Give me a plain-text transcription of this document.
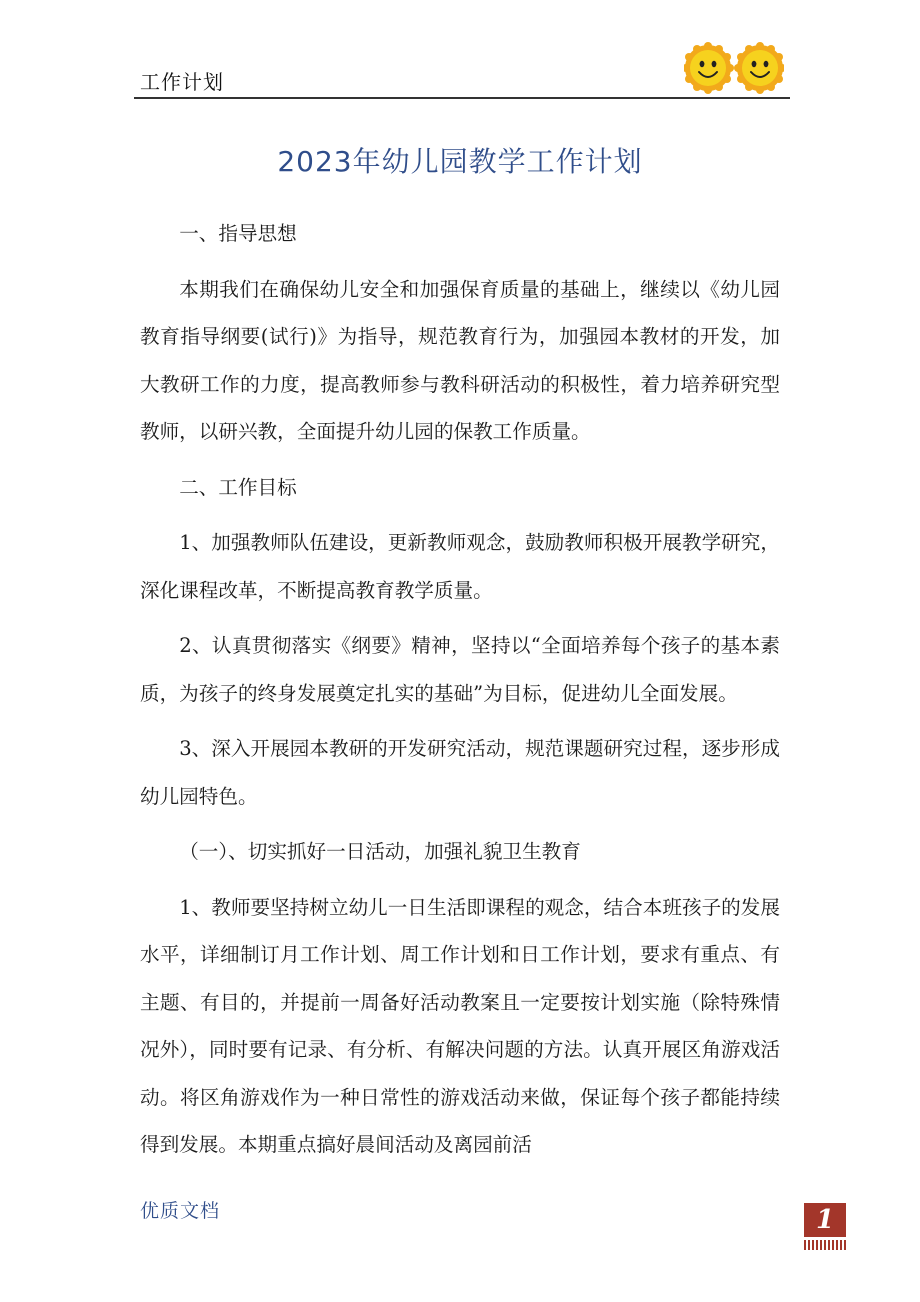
工作计划
2023年幼儿园教学工作计划

一、指导思想

本期我们在确保幼儿安全和加强保育质量的基础上，继续以《幼儿园教育指导纲要(试行)》为指导，规范教育行为，加强园本教材的开发，加大教研工作的力度，提高教师参与教科研活动的积极性，着力培养研究型教师，以研兴教，全面提升幼儿园的保教工作质量。

二、工作目标

1、加强教师队伍建设，更新教师观念，鼓励教师积极开展教学研究，深化课程改革，不断提高教育教学质量。

2、认真贯彻落实《纲要》精神，坚持以“全面培养每个孩子的基本素质，为孩子的终身发展奠定扎实的基础”为目标，促进幼儿全面发展。

3、深入开展园本教研的开发研究活动，规范课题研究过程，逐步形成幼儿园特色。

（一）、切实抓好一日活动，加强礼貌卫生教育

1、教师要坚持树立幼儿一日生活即课程的观念，结合本班孩子的发展水平，详细制订月工作计划、周工作计划和日工作计划，要求有重点、有主题、有目的，并提前一周备好活动教案且一定要按计划实施（除特殊情况外），同时要有记录、有分析、有解决问题的方法。认真开展区角游戏活动。将区角游戏作为一种日常性的游戏活动来做，保证每个孩子都能持续得到发展。本期重点搞好晨间活动及离园前活

优质文档	1
